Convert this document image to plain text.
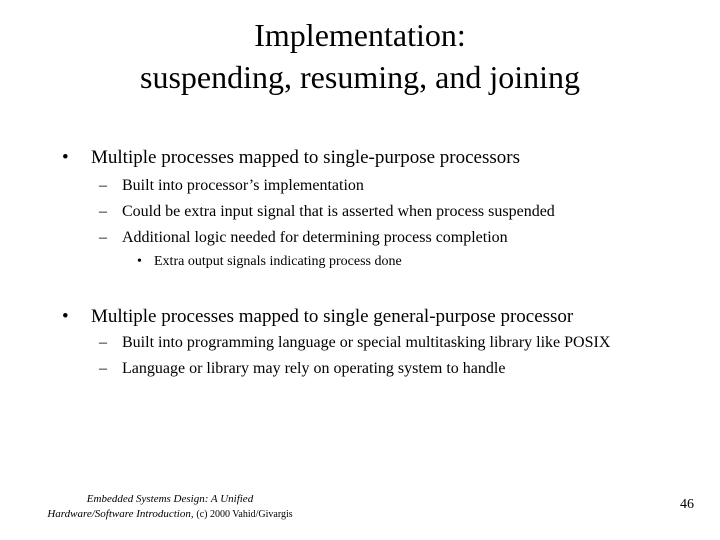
Implementation:
suspending, resuming, and joining
• Multiple processes mapped to single-purpose processors
– Built into processor’s implementation
– Could be extra input signal that is asserted when process suspended
– Additional logic needed for determining process completion
• Extra output signals indicating process done
• Multiple processes mapped to single general-purpose processor
– Built into programming language or special multitasking library like POSIX
– Language or library may rely on operating system to handle
Embedded Systems Design: A Unified
Hardware/Software Introduction, (c) 2000 Vahid/Givargis
46
